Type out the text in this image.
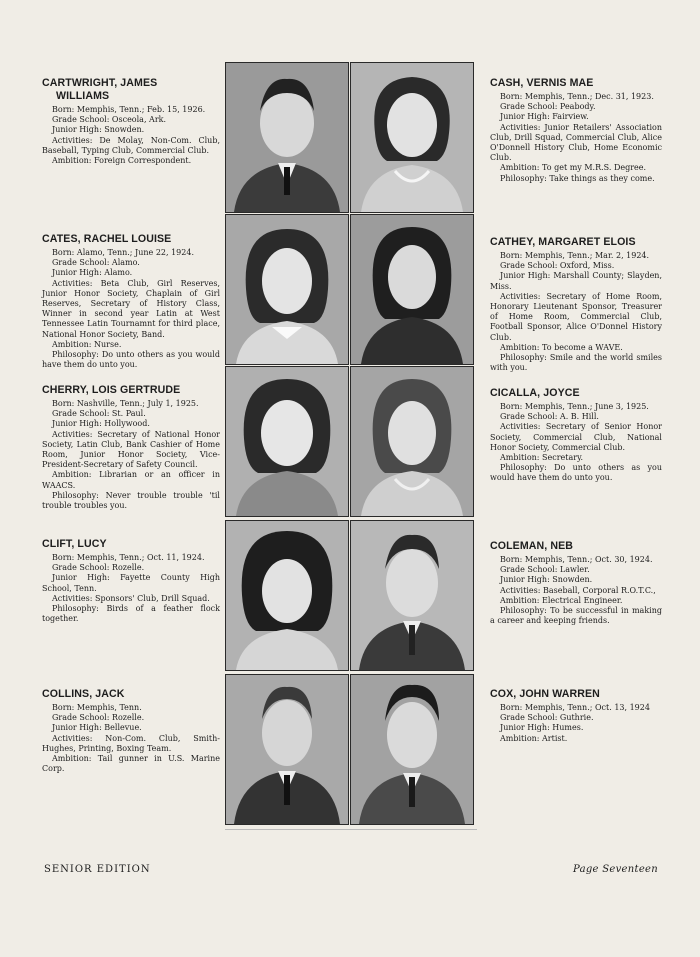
CARTWRIGHT, JAMES
WILLIAMS

Born: Memphis, Tenn.; Feb. 15, 1926.

Grade School: Osceola, Ark.

Junior High: Snowden.

Activities: De Molay, Non-Com. Club, Baseball, Typing Club, Commercial Club.

Ambition: Foreign Correspondent.

CATES, RACHEL LOUISE

Born: Alamo, Tenn.; June 22, 1924.

Grade School: Alamo.

Junior High: Alamo.

Activities: Beta Club, Girl Reserves, Junior Honor Society, Chaplain of Girl Reserves, Secretary of History Class, Winner in second year Latin at West Tennessee Latin Tournamnt for third place, National Honor Society, Band.

Ambition: Nurse.

Philosophy: Do unto others as you would have them do unto you.

CHERRY, LOIS GERTRUDE

Born: Nashville, Tenn.; July 1, 1925.

Grade School: St. Paul.

Junior High: Hollywood.

Activities: Secretary of National Honor Society, Latin Club, Bank Cashier of Home Room, Junior Honor Society, Vice-President-Secretary of Safety Council.

Ambition: Librarian or an officer in WAACS.

Philosophy: Never trouble trouble 'til trouble troubles you.

CLIFT, LUCY

Born: Memphis, Tenn.; Oct. 11, 1924.

Grade School: Rozelle.

Junior High: Fayette County High School, Tenn.

Activities: Sponsors' Club, Drill Squad.

Philosophy: Birds of a feather flock together.

COLLINS, JACK

Born: Memphis, Tenn.

Grade School: Rozelle.

Junior High: Bellevue.

Activities: Non-Com. Club, Smith-Hughes, Printing, Boxing Team.

Ambition: Tail gunner in U.S. Marine Corp.

CASH, VERNIS MAE

Born: Memphis, Tenn.; Dec. 31, 1923.

Grade School: Peabody.

Junior High: Fairview.

Activities: Junior Retailers' Association Club, Drill Squad, Commercial Club, Alice O'Donnell History Club, Home Economic Club.

Ambition: To get my M.R.S. Degree.

Philosophy: Take things as they come.

CATHEY, MARGARET ELOIS

Born: Memphis, Tenn.; Mar. 2, 1924.

Grade School: Oxford, Miss.

Junior High: Marshall County; Slayden, Miss.

Activities: Secretary of Home Room, Honorary Lieutenant Sponsor, Treasurer of Home Room, Commercial Club, Football Sponsor, Alice O'Donnel History Club.

Ambition: To become a WAVE.

Philosophy: Smile and the world smiles with you.

CICALLA, JOYCE

Born: Memphis, Tenn.; June 3, 1925.

Grade School: A. B. Hill.

Activities: Secretary of Senior Honor Society, Commercial Club, National Honor Society, Commercial Club.

Ambition: Secretary.

Philosophy: Do unto others as you would have them do unto you.

COLEMAN, NEB

Born: Memphis, Tenn.; Oct. 30, 1924.

Grade School: Lawler.

Junior High: Snowden.

Activities: Baseball, Corporal R.O.T.C.,

Ambition: Electrical Engineer.

Philosophy: To be successful in making a career and keeping friends.

COX, JOHN WARREN

Born: Memphis, Tenn.; Oct. 13, 1924

Grade School: Guthrie.

Junior High: Humes.

Ambition: Artist.

SENIOR EDITION	Page Seventeen
